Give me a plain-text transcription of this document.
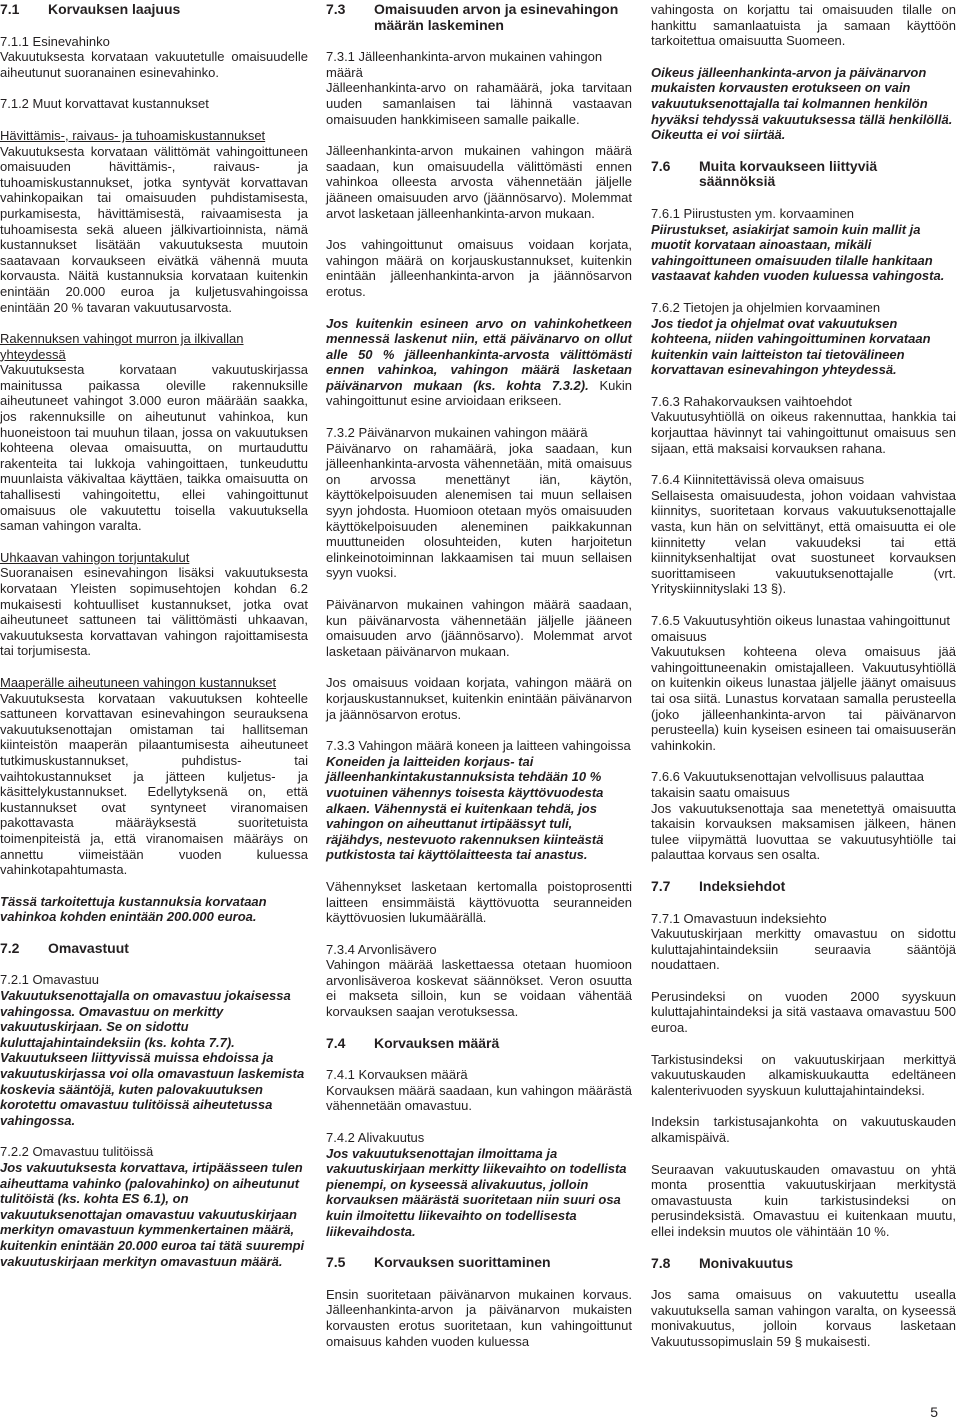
7.1	Korvauksen laajuus

7.1.1 Esinevahinko

Vakuutuksesta korvataan vakuutetulle omaisuudelle aiheutunut suoranainen esinevahinko.

7.1.2 Muut korvattavat kustannukset

Hävittämis-, raivaus- ja tuhoamiskustannukset

Vakuutuksesta korvataan välittömät vahingoittuneen omaisuuden hävittämis-, raivaus- ja tuhoamiskustannukset, jotka syntyvät korvattavan vahinkopaikan tai omaisuuden puhdistamisesta, purkamisesta, hävittämisestä, raivaamisesta ja tuhoamisesta sekä alueen jälkivartioinnista, nämä kustannukset lisätään vakuutuksesta muutoin saatavaan korvaukseen eivätkä vähennä muuta korvausta. Näitä kustannuksia korvataan kuitenkin enintään 20.000 euroa ja kuljetusvahingoissa enintään 20 % tavaran vakuutusarvosta.

Rakennuksen vahingot murron ja ilkivallan yhteydessä

Vakuutuksesta korvataan vakuutuskirjassa mainitussa paikassa oleville rakennuksille aiheutuneet vahingot 3.000 euron määrään saakka, jos rakennuksille on aiheutunut vahinkoa, kun huoneistoon tai muuhun tilaan, jossa on vakuutuksen kohteena olevaa omaisuutta, on murtauduttu rakenteita tai lukkoja vahingoittaen, tunkeuduttu muunlaista väkivaltaa käyttäen, taikka omaisuutta on tahallisesti vahingoitettu, ellei vahingoittunut omaisuus ole vakuutettu toisella vakuutuksella saman vahingon varalta.

Uhkaavan vahingon torjuntakulut

Suoranaisen esinevahingon lisäksi vakuutuksesta korvataan Yleisten sopimusehtojen kohdan 6.2 mukaisesti kohtuulliset kustannukset, jotka ovat aiheutuneet sattuneen tai välittömästi uhkaavan, vakuutuksesta korvattavan vahingon rajoittamisesta tai torjumisesta.

Maaperälle aiheutuneen vahingon kustannukset

Vakuutuksesta korvataan vakuutuksen kohteelle sattuneen korvattavan esinevahingon seurauksena vakuutuksenottajan omistaman tai hallitseman kiinteistön maaperän pilaantumisesta aiheutuneet tutkimuskustannukset, puhdistus- tai vaihtokustannukset ja jätteen kuljetus- ja käsittelykustannukset. Edellytyksenä on, että kustannukset ovat syntyneet viranomaisen pakottavasta määräyksestä suoritetuista toimenpiteistä ja, että viranomaisen määräys on annettu viimeistään vuoden kuluessa vahinkotapahtumasta.

Tässä tarkoitettuja kustannuksia korvataan vahinkoa kohden enintään 200.000 euroa.

7.2	Omavastuut

7.2.1 Omavastuu

Vakuutuksenottajalla on omavastuu jokaisessa vahingossa. Omavastuu on merkitty vakuutuskirjaan. Se on sidottu kuluttajahintaindeksiin (ks. kohta 7.7). Vakuutukseen liittyvissä muissa ehdoissa ja vakuutuskirjassa voi olla omavastuun laskemista koskevia sääntöjä, kuten palovakuutuksen korotettu omavastuu tulitöissä aiheutetussa vahingossa.

7.2.2 Omavastuu tulitöissä

Jos vakuutuksesta korvattava, irtipäässeen tulen aiheuttama vahinko (palovahinko) on aiheutunut tulitöistä (ks. kohta ES 6.1), on vakuutuksenottajan omavastuu vakuutuskirjaan merkityn omavastuun kymmenkertainen määrä, kuitenkin enintään 20.000 euroa tai tätä suurempi vakuutuskirjaan merkityn omavastuun määrä.

7.3	Omaisuuden arvon ja esinevahingon määrän laskeminen

7.3.1 Jälleenhankinta-arvon mukainen vahingon määrä

Jälleenhankinta-arvo on rahamäärä, joka tarvitaan uuden samanlaisen tai lähinnä vastaavan omaisuuden hankkimiseen samalle paikalle.

Jälleenhankinta-arvon mukainen vahingon määrä saadaan, kun omaisuudella välittömästi ennen vahinkoa olleesta arvosta vähennetään jäljelle jääneen omaisuuden arvo (jäännösarvo). Molemmat arvot lasketaan jälleenhankinta-arvon mukaan.

Jos vahingoittunut omaisuus voidaan korjata, vahingon määrä on korjauskustannukset, kuitenkin enintään jälleenhankinta-arvon ja jäännösarvon erotus.

Jos kuitenkin esineen arvo on vahinkohetkeen mennessä laskenut niin, että päivänarvo on ollut alle 50 % jälleenhankinta-arvosta välittömästi ennen vahinkoa, vahingon määrä lasketaan päivänarvon mukaan (ks. kohta 7.3.2). Kukin vahingoittunut esine arvioidaan erikseen.

7.3.2 Päivänarvon mukainen vahingon määrä

Päivänarvo on rahamäärä, joka saadaan, kun jälleenhankinta-arvosta vähennetään, mitä omaisuus on arvossa menettänyt iän, käytön, käyttökelpoisuuden alenemisen tai muun sellaisen syyn johdosta. Huomioon otetaan myös omaisuuden käyttökelpoisuuden aleneminen paikkakunnan muuttuneiden olosuhteiden, kuten harjoitetun elinkeinotoiminnan lakkaamisen tai muun sellaisen syyn vuoksi.

Päivänarvon mukainen vahingon määrä saadaan, kun päivänarvosta vähennetään jäljelle jääneen omaisuuden arvo (jäännösarvo). Molemmat arvot lasketaan päivänarvon mukaan.

Jos omaisuus voidaan korjata, vahingon määrä on korjauskustannukset, kuitenkin enintään päivänarvon ja jäännösarvon erotus.

7.3.3 Vahingon määrä koneen ja laitteen vahingoissa

Koneiden ja laitteiden korjaus- tai jälleenhankintakustannuksista tehdään 10 % vuotuinen vähennys toisesta käyttövuodesta alkaen. Vähennystä ei kuitenkaan tehdä, jos vahingon on aiheuttanut irtipäässyt tuli, räjähdys, nestevuoto rakennuksen kiinteästä putkistosta tai käyttölaitteesta tai anastus.

Vähennykset lasketaan kertomalla poistoprosentti laitteen ensimmäistä käyttövuotta seuranneiden käyttövuosien lukumäärällä.

7.3.4 Arvonlisävero

Vahingon määrää laskettaessa otetaan huomioon arvonlisäveroa koskevat säännökset. Veron osuutta ei makseta silloin, kun se voidaan vähentää korvauksen saajan verotuksessa.

7.4	Korvauksen määrä

7.4.1 Korvauksen määrä

Korvauksen määrä saadaan, kun vahingon määrästä vähennetään omavastuu.

7.4.2 Alivakuutus

Jos vakuutuksenottajan ilmoittama ja vakuutuskirjaan merkitty liikevaihto on todellista pienempi, on kyseessä alivakuutus, jolloin korvauksen määrästä suoritetaan niin suuri osa kuin ilmoitettu liikevaihto on todellisesta liikevaihdosta.

7.5	Korvauksen suorittaminen

Ensin suoritetaan päivänarvon mukainen korvaus. Jälleenhankinta-arvon ja päivänarvon mukaisten korvausten erotus suoritetaan, kun vahingoittunut omaisuus kahden vuoden kuluessa

vahingosta on korjattu tai omaisuuden tilalle on hankittu samanlaatuista ja samaan käyttöön tarkoitettua omaisuutta Suomeen.

Oikeus jälleenhankinta-arvon ja päivänarvon mukaisten korvausten erotukseen on vain vakuutuksenottajalla tai kolmannen henkilön hyväksi tehdyssä vakuutuksessa tällä henkilöllä. Oikeutta ei voi siirtää.

7.6	Muita korvaukseen liittyviä säännöksiä

7.6.1 Piirustusten ym. korvaaminen

Piirustukset, asiakirjat samoin kuin mallit ja muotit korvataan ainoastaan, mikäli vahingoittuneen omaisuuden tilalle hankitaan vastaavat kahden vuoden kuluessa vahingosta.

7.6.2 Tietojen ja ohjelmien korvaaminen

Jos tiedot ja ohjelmat ovat vakuutuksen kohteena, niiden vahingoittuminen korvataan kuitenkin vain laitteiston tai tietovälineen korvattavan esinevahingon yhteydessä.

7.6.3 Rahakorvauksen vaihtoehdot

Vakuutusyhtiöllä on oikeus rakennuttaa, hankkia tai korjauttaa hävinnyt tai vahingoittunut omaisuus sen sijaan, että maksaisi korvauksen rahana.

7.6.4 Kiinnitettävissä oleva omaisuus

Sellaisesta omaisuudesta, johon voidaan vahvistaa kiinnitys, suoritetaan korvaus vakuutuksenottajalle vasta, kun hän on selvittänyt, että omaisuutta ei ole kiinnitetty velan vakuudeksi tai että kiinnityksenhaltijat ovat suostuneet korvauksen suorittamiseen vakuutuksenottajalle (vrt. Yrityskiinnityslaki 13 §).

7.6.5 Vakuutusyhtiön oikeus lunastaa vahingoittunut omaisuus

Vakuutuksen kohteena oleva omaisuus jää vahingoittuneenakin omistajalleen. Vakuutusyhtiöllä on kuitenkin oikeus lunastaa jäljelle jäänyt omaisuus tai osa siitä. Lunastus korvataan samalla perusteella (joko jälleenhankinta-arvon tai päivänarvon perusteella) kuin kyseisen esineen tai omaisuuserän vahinkokin.

7.6.6 Vakuutuksenottajan velvollisuus palauttaa takaisin saatu omaisuus

Jos vakuutuksenottaja saa menetettyä omaisuutta takaisin korvauksen maksamisen jälkeen, hänen tulee viipymättä luovuttaa se vakuutusyhtiölle tai palauttaa korvaus sen osalta.

7.7	Indeksiehdot

7.7.1 Omavastuun indeksiehto

Vakuutuskirjaan merkitty omavastuu on sidottu kuluttajahintaindeksiin seuraavia sääntöjä noudattaen.

Perusindeksi on vuoden 2000 syyskuun kuluttajahintaindeksi ja sitä vastaava omavastuu 500 euroa.

Tarkistusindeksi on vakuutuskirjaan merkittyä vakuutuskauden alkamiskuukautta edeltäneen kalenterivuoden syyskuun kuluttajahintaindeksi.

Indeksin tarkistusajankohta on vakuutuskauden alkamispäivä.

Seuraavan vakuutuskauden omavastuu on yhtä monta prosenttia vakuutuskirjaan merkitystä omavastuusta kuin tarkistusindeksi on perusindeksistä. Omavastuu ei kuitenkaan muutu, ellei indeksin muutos ole vähintään 10 %.

7.8	Monivakuutus

Jos sama omaisuus on vakuutettu usealla vakuutuksella saman vahingon varalta, on kyseessä monivakuutus, jolloin korvaus lasketaan Vakuutussopimuslain 59 § mukaisesti.

5
